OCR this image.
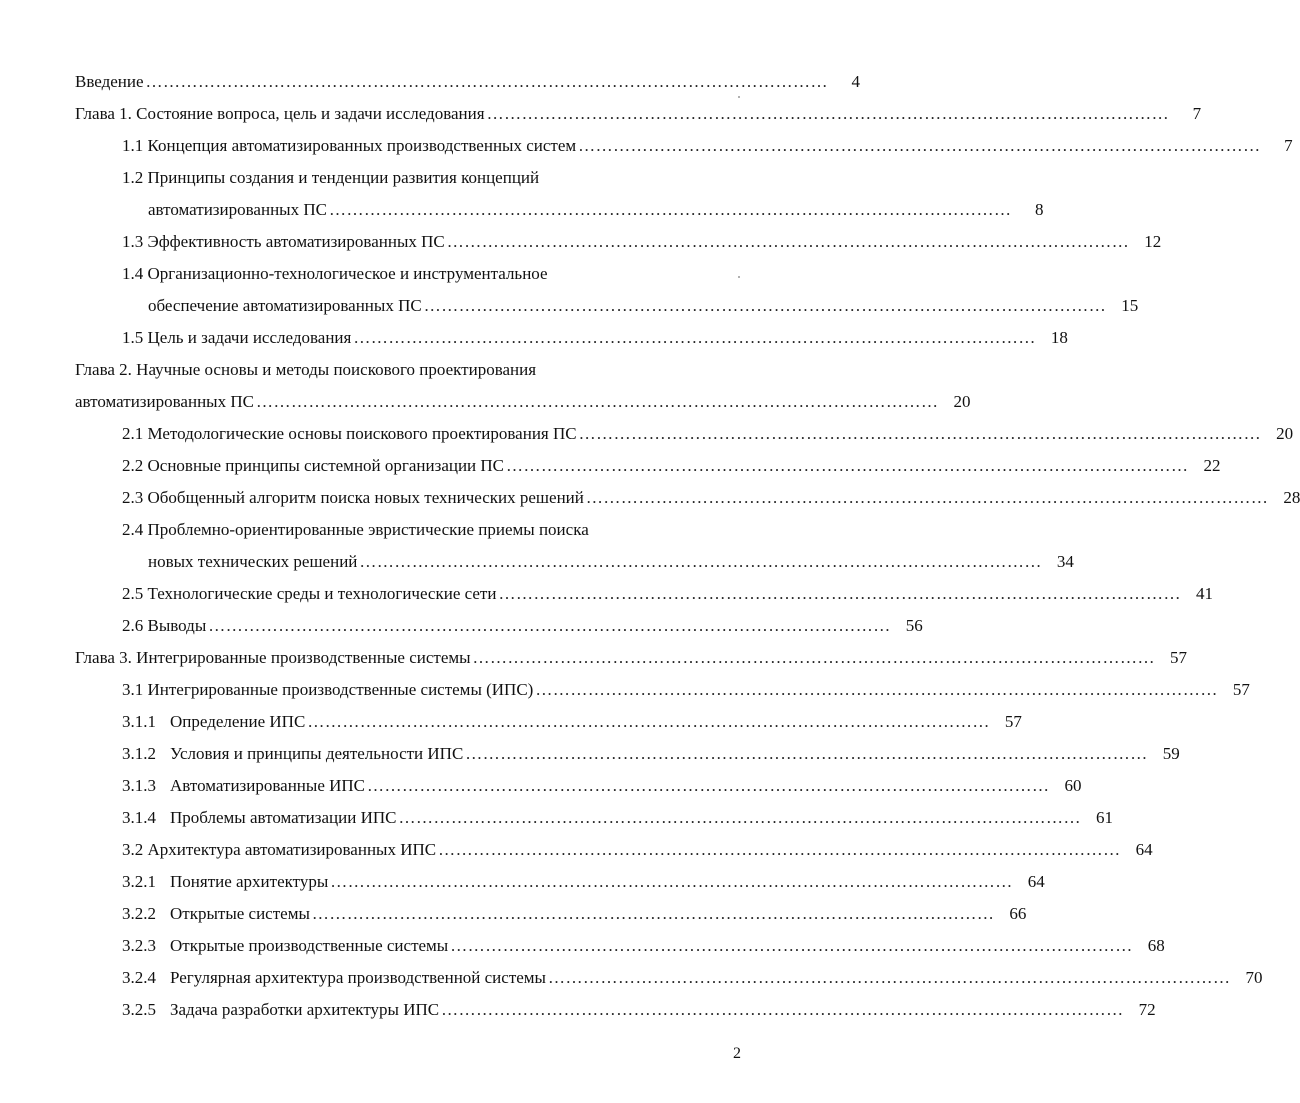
Введение ………………………………………………………………………………………………………	4
Глава 1. Состояние вопроса, цель и задачи исследования ………………………………………………………………………………………………………	7
1.1 Концепция автоматизированных производственных систем ………………………………………………………………………………………………………	7
1.2 Принципы создания и тенденции развития концепций
автоматизированных ПС ………………………………………………………………………………………………………	8
1.3 Эффективность автоматизированных ПС ……………………………………………………………………………………………………… 12
1.4 Организационно-технологическое и инструментальное
обеспечение автоматизированных ПС ……………………………………………………………………………………………………… 15
1.5 Цель и задачи исследования ……………………………………………………………………………………………………… 18
Глава 2. Научные основы и методы поискового проектирования
автоматизированных ПС ……………………………………………………………………………………………………… 20
2.1 Методологические основы поискового проектирования ПС ……………………………………………………………………………………………………… 20
2.2 Основные принципы системной организации ПС ……………………………………………………………………………………………………… 22
2.3 Обобщенный алгоритм поиска новых технических решений ……………………………………………………………………………………………………… 28
2.4 Проблемно-ориентированные эвристические приемы поиска
новых технических решений ……………………………………………………………………………………………………… 34
2.5 Технологические среды и технологические сети ……………………………………………………………………………………………………… 41
2.6 Выводы ……………………………………………………………………………………………………… 56
Глава 3. Интегрированные производственные системы ……………………………………………………………………………………………………… 57
3.1 Интегрированные производственные системы (ИПС) ……………………………………………………………………………………………………… 57
3.1.1 Определение ИПС ……………………………………………………………………………………………………… 57
3.1.2 Условия и принципы деятельности ИПС ……………………………………………………………………………………………………… 59
3.1.3 Автоматизированные ИПС ……………………………………………………………………………………………………… 60
3.1.4 Проблемы автоматизации ИПС ……………………………………………………………………………………………………… 61
3.2 Архитектура автоматизированных ИПС ……………………………………………………………………………………………………… 64
3.2.1 Понятие архитектуры ……………………………………………………………………………………………………… 64
3.2.2 Открытые системы ……………………………………………………………………………………………………… 66
3.2.3 Открытые производственные системы ……………………………………………………………………………………………………… 68
3.2.4 Регулярная архитектура производственной системы ……………………………………………………………………………………………………… 70
3.2.5 Задача разработки архитектуры ИПС ……………………………………………………………………………………………………… 72
2
